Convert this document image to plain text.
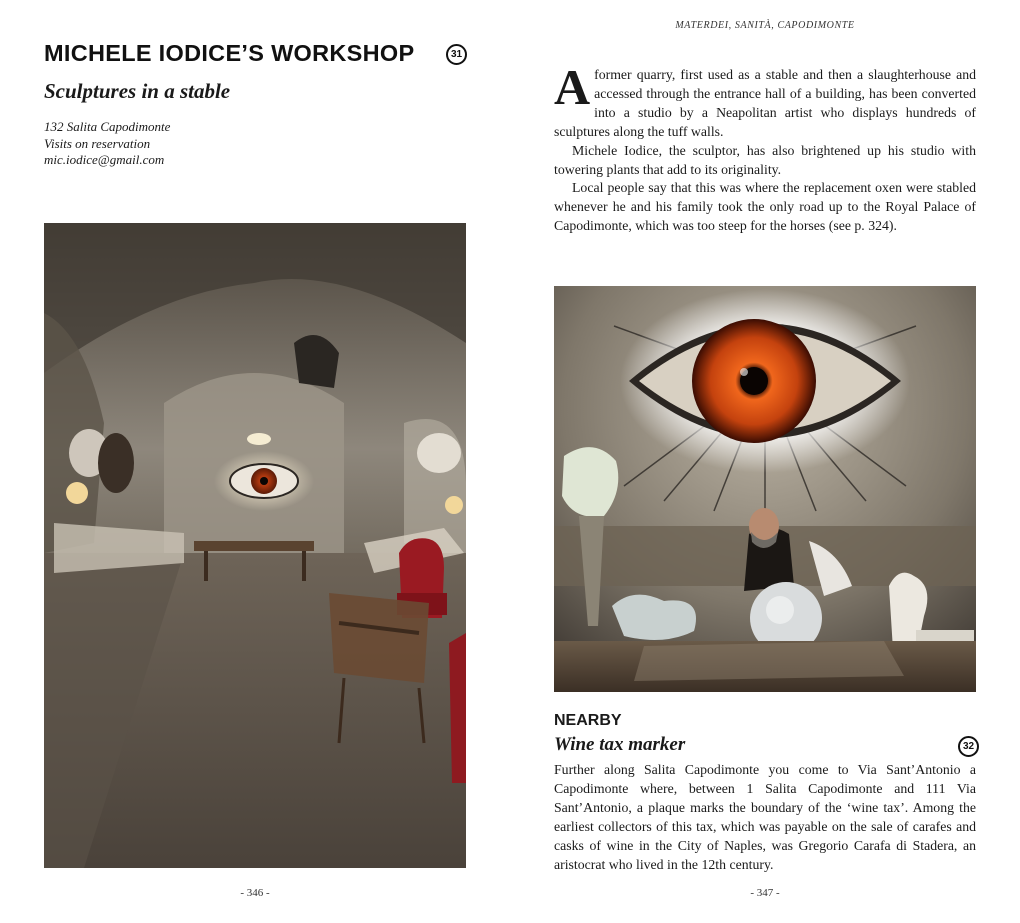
MICHELE IODICE’S WORKSHOP	31
Sculptures in a stable
132 Salita Capodimonte
Visits on reservation
mic.iodice@gmail.com
- 346 -
MATERDEI, SANITÀ, CAPODIMONTE

Aformer quarry, first used as a stable and then a slaughterhouse and accessed through the entrance hall of a building, has been converted into a studio by a Neapolitan artist who displays hundreds of sculptures along the tuff walls.

Michele Iodice, the sculptor, has also brightened up his studio with towering plants that add to its originality.

Local people say that this was where the replacement oxen were stabled whenever he and his family took the only road up to the Royal Palace of Capodimonte, which was too steep for the horses (see p. 324).

NEARBY
Wine tax marker	32

Further along Salita Capodimonte you come to Via Sant’Antonio a Capodimonte where, between 1 Salita Capodimonte and 111 Via Sant’Antonio, a plaque marks the boundary of the ‘wine tax’. Among the earliest collectors of this tax, which was payable on the sale of carafes and casks of wine in the City of Naples, was Gregorio Carafa di Stadera, an aristocrat who lived in the 12th century.

- 347 -
